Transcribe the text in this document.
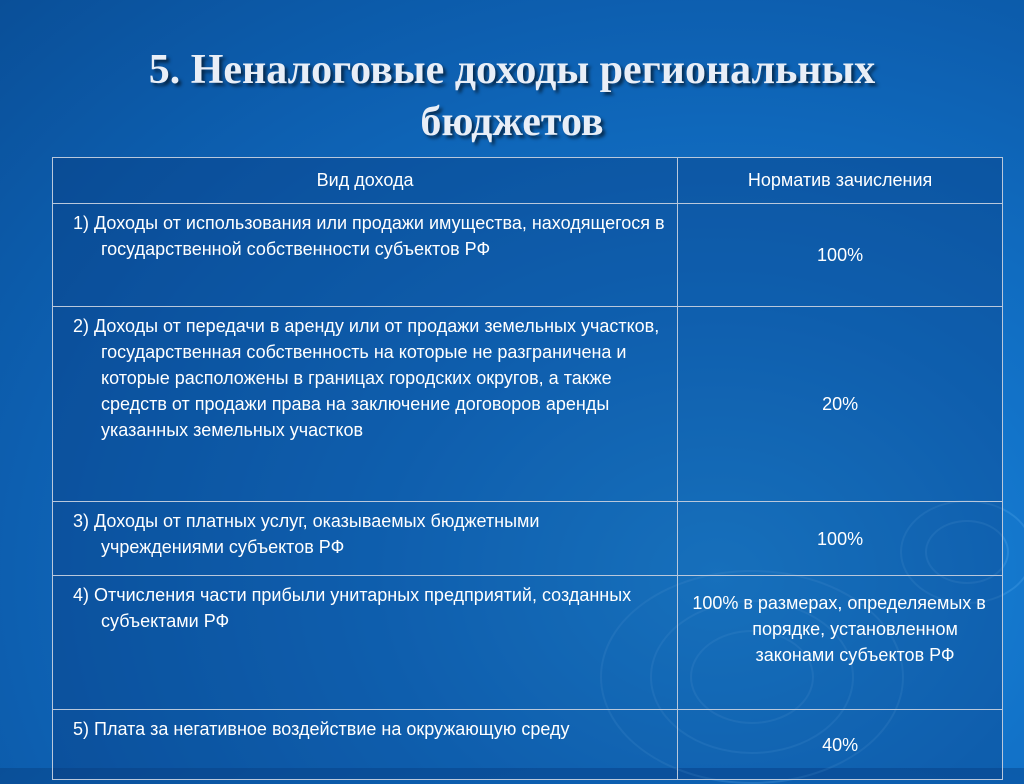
5. Неналоговые доходы региональных
бюджетов
Вид дохода	Норматив зачисления

1) Доходы от использования или продажи имущества, находящегося в государственной собственности субъектов РФ	100%

2) Доходы от передачи в аренду или от продажи земельных участков, государственная собственность на которые не разграничена и которые расположены в границах городских округов, а также средств от продажи права на заключение договоров аренды указанных земельных участков	20%

3) Доходы от платных услуг, оказываемых бюджетными учреждениями субъектов РФ	100%

4) Отчисления части прибыли унитарных предприятий, созданных субъектами РФ	100% в размерах, определяемых в порядке, установленном законами субъектов РФ

5) Плата за негативное воздействие на окружающую среду	40%
